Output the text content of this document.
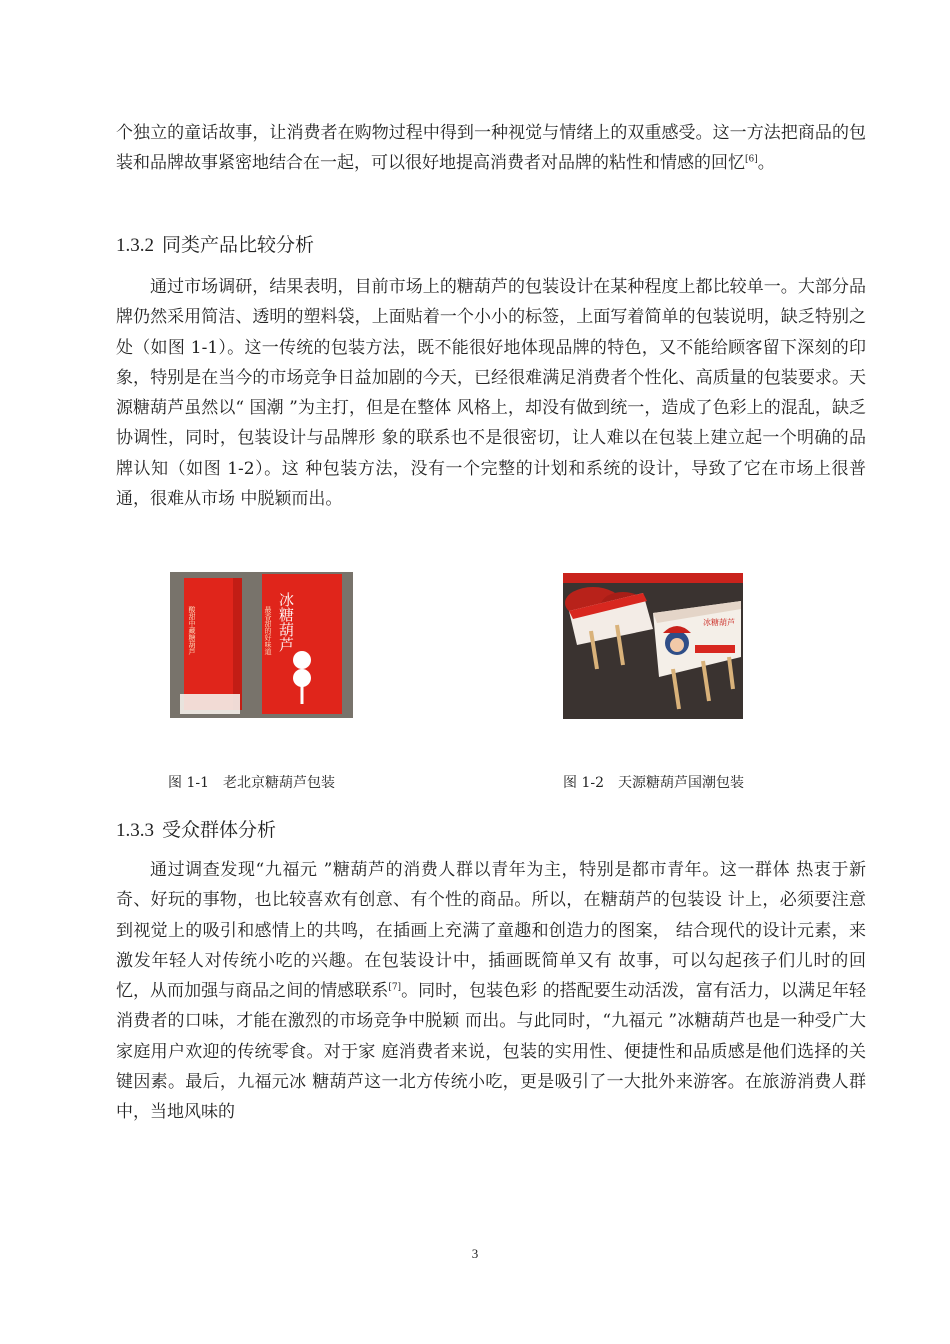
个独立的童话故事，让消费者在购物过程中得到一种视觉与情绪上的双重感受。这一方法把商品的包装和品牌故事紧密地结合在一起，可以很好地提高消费者对品牌的粘性和情感的回忆[6]。

1.3.2 同类产品比较分析

通过市场调研，结果表明，目前市场上的糖葫芦的包装设计在某种程度上都比较单一。大部分品牌仍然采用简洁、透明的塑料袋，上面贴着一个小小的标签，上面写着简单的包装说明，缺乏特别之处（如图 1-1）。这一传统的包装方法，既不能很好地体现品牌的特色，又不能给顾客留下深刻的印象，特别是在当今的市场竞争日益加剧的今天，已经很难满足消费者个性化、高质量的包装要求。天源糖葫芦虽然以“ 国潮 ”为主打，但是在整体 风格上，却没有做到统一，造成了色彩上的混乱，缺乏协调性，同时，包装设计与品牌形 象的联系也不是很密切，让人难以在包装上建立起一个明确的品牌认知（如图 1-2）。这 种包装方法，没有一个完整的计划和系统的设计，导致了它在市场上很普通，很难从市场 中脱颖而出。

酸甜中藏糖葫芦	最香甜的好味道 冰糖葫芦	冰糖葫芦
图 1-1 老北京糖葫芦包装	图 1-2 天源糖葫芦国潮包装
1.3.3 受众群体分析

通过调查发现“九福元 ”糖葫芦的消费人群以青年为主，特别是都市青年。这一群体 热衷于新奇、好玩的事物，也比较喜欢有创意、有个性的商品。所以，在糖葫芦的包装设 计上，必须要注意到视觉上的吸引和感情上的共鸣，在插画上充满了童趣和创造力的图案， 结合现代的设计元素，来激发年轻人对传统小吃的兴趣。在包装设计中，插画既简单又有 故事，可以勾起孩子们儿时的回忆，从而加强与商品之间的情感联系[7]。同时，包装色彩 的搭配要生动活泼，富有活力，以满足年轻消费者的口味，才能在激烈的市场竞争中脱颖 而出。与此同时，“九福元 ”冰糖葫芦也是一种受广大家庭用户欢迎的传统零食。对于家 庭消费者来说，包装的实用性、便捷性和品质感是他们选择的关键因素。最后，九福元冰 糖葫芦这一北方传统小吃，更是吸引了一大批外来游客。在旅游消费人群中，当地风味的

3
